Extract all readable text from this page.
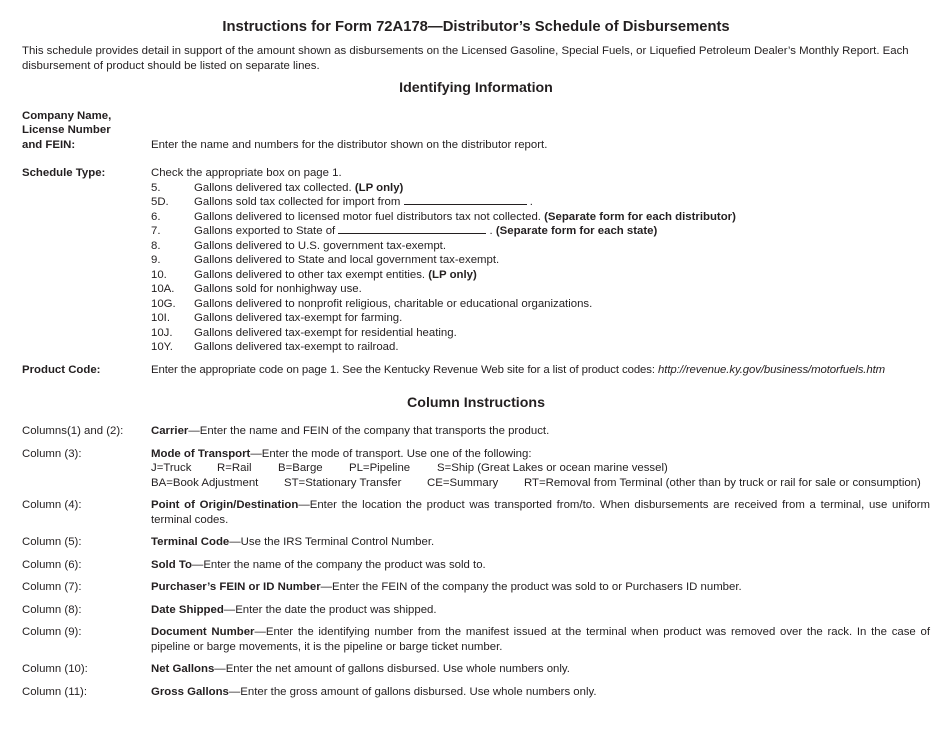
Instructions for Form 72A178—Distributor’s Schedule of Disbursements

This schedule provides detail in support of the amount shown as disbursements on the Licensed Gasoline, Special Fuels, or Liquefied Petroleum Dealer’s Monthly Report. Each disbursement of product should be listed on separate lines.

Identifying Information
Company Name,
License Number
and FEIN:	Enter the name and numbers for the distributor shown on the distributor report.
Schedule Type:	Check the appropriate box on page 1.
5.	Gallons delivered tax collected. (LP only)
5D.	Gallons sold tax collected for import from	.
6.	Gallons delivered to licensed motor fuel distributors tax not collected. (Separate form for each distributor)
7.	Gallons exported to State of	. (Separate form for each state)
8.	Gallons delivered to U.S. government tax-exempt.
9.	Gallons delivered to State and local government tax-exempt.
10.	Gallons delivered to other tax exempt entities. (LP only)
10A.	Gallons sold for nonhighway use.
10G.	Gallons delivered to nonprofit religious, charitable or educational organizations.
10I.	Gallons delivered tax-exempt for farming.
10J.	Gallons delivered tax-exempt for residential heating.
10Y.	Gallons delivered tax-exempt to railroad.
Product Code:	Enter the appropriate code on page 1. See the Kentucky Revenue Web site for a list of product codes: http://revenue.ky.gov/business/motorfuels.htm
Column Instructions
Columns(1) and (2):	Carrier—Enter the name and FEIN of the company that transports the product.
Column (3):	Mode of Transport—Enter the mode of transport. Use one of the following:
J=Truck	R=Rail	B=Barge	PL=Pipeline	S=Ship (Great Lakes or ocean marine vessel)
BA=Book Adjustment	ST=Stationary Transfer	CE=Summary	RT=Removal from Terminal (other than by truck or rail for sale or consumption)
Column (4):	Point of Origin/Destination—Enter the location the product was transported from/to. When disbursements are received from a terminal, use uniform terminal codes.
Column (5):	Terminal Code—Use the IRS Terminal Control Number.
Column (6):	Sold To—Enter the name of the company the product was sold to.
Column (7):	Purchaser’s FEIN or ID Number—Enter the FEIN of the company the product was sold to or Purchasers ID number.
Column (8):	Date Shipped—Enter the date the product was shipped.
Column (9):	Document Number—Enter the identifying number from the manifest issued at the terminal when product was removed over the rack. In the case of pipeline or barge movements, it is the pipeline or barge ticket number.
Column (10):	Net Gallons—Enter the net amount of gallons disbursed. Use whole numbers only.
Column (11):	Gross Gallons—Enter the gross amount of gallons disbursed. Use whole numbers only.
